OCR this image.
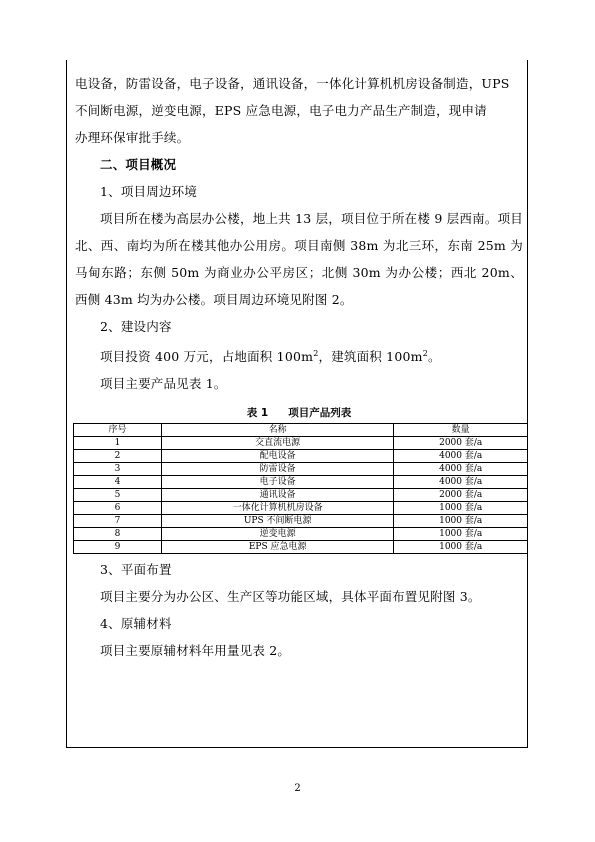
电设备，防雷设备，电子设备，通讯设备，一体化计算机机房设备制造，UPS
不间断电源，逆变电源，EPS 应急电源，电子电力产品生产制造，现申请
办理环保审批手续。

二、项目概况

1、项目周边环境

项目所在楼为高层办公楼，地上共 13 层，项目位于所在楼 9 层西南。项目北、西、南均为所在楼其他办公用房。项目南侧 38m 为北三环，东南 25m 为马甸东路；东侧 50m 为商业办公平房区；北侧 30m 为办公楼；西北 20m、西侧 43m 均为办公楼。项目周边环境见附图 2。

2、建设内容

项目投资 400 万元，占地面积 $100m^2$，建筑面积 $100m^2$。

项目主要产品见表 1。

表 1 项目产品列表
序号	名称	数量
1	交直流电源	2000 套/a
2	配电设备	4000 套/a
3	防雷设备	4000 套/a
4	电子设备	4000 套/a
5	通讯设备	2000 套/a
6	一体化计算机机房设备	1000 套/a
7	UPS 不间断电源	1000 套/a
8	逆变电源	1000 套/a
9	EPS 应急电源	1000 套/a

3、平面布置

项目主要分为办公区、生产区等功能区域，具体平面布置见附图 3。

4、原辅材料

项目主要原辅材料年用量见表 2。

2
